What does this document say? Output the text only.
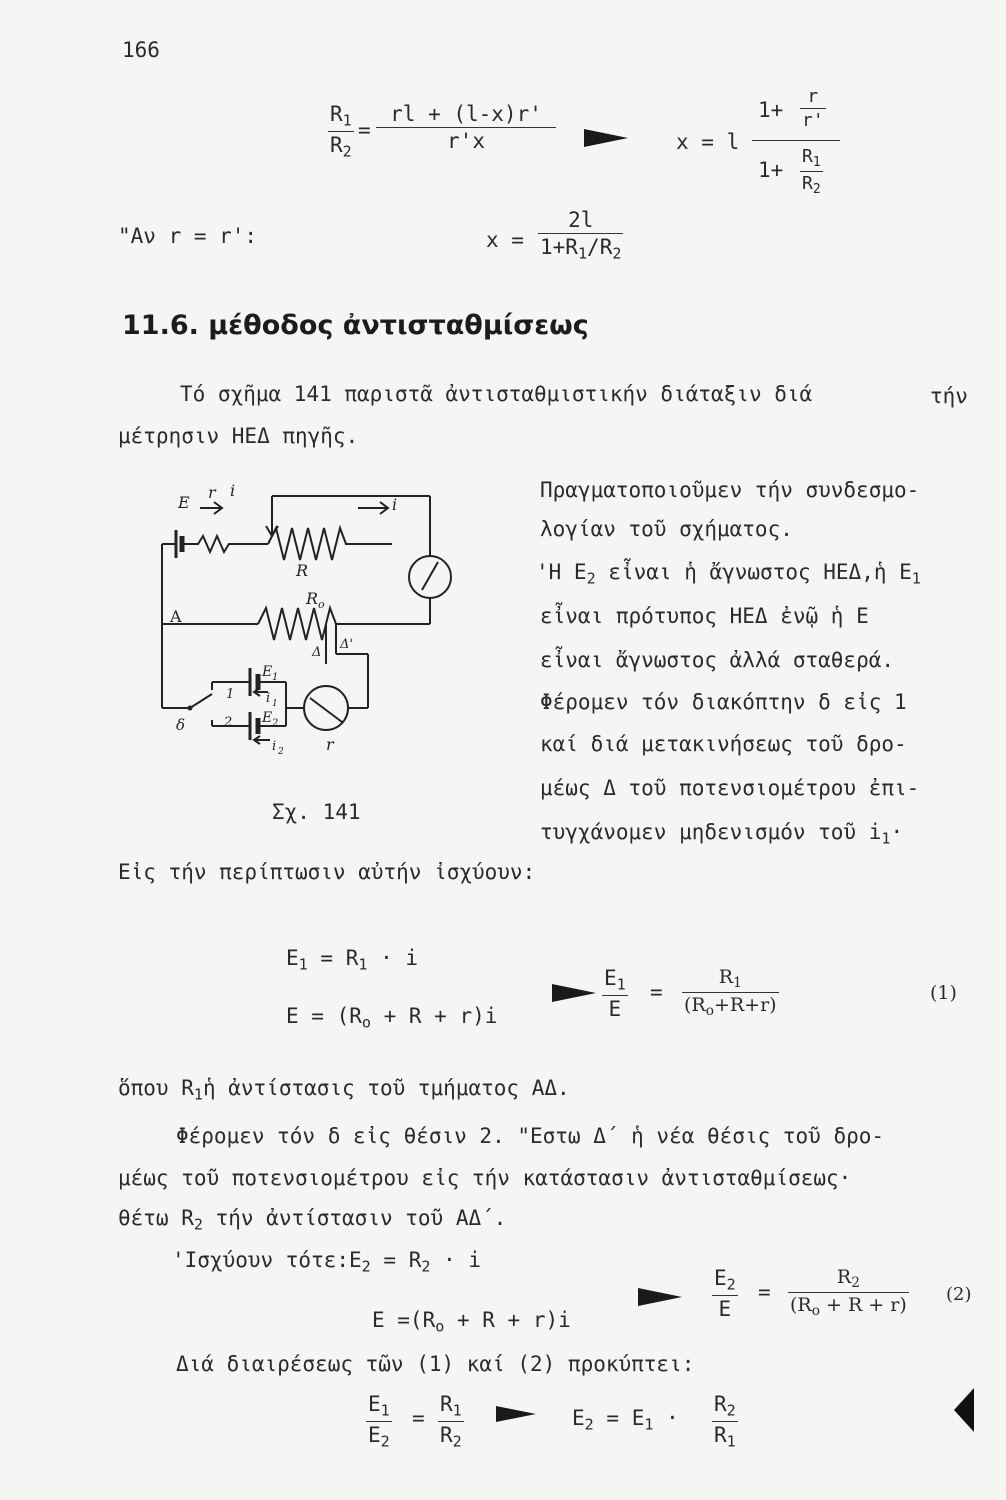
166
$R_1$
$R_2$
=
rl + (l-x)r'
r'x	x = l
1+
r
r'
1+
$R_1$
$R_2$
"Αν r = r':	x =
2l
$1+R_1/R_2$
11.6. μέθοδος ἀντισταθμίσεως
Τό σχῆμα 141 παριστᾶ ἀντισταθμιστικήν διάταξιν διά	τήν
μέτρησιν ΗΕΔ πηγῆς.
Πραγματοποιοῦμεν τήν συνδεσμο-
λογίαν τοῦ σχήματος.
'Η $E_2$ εἶναι ἡ ἄγνωστος ΗΕΔ,ἡ $E_1$
εἶναι πρότυπος ΗΕΔ ἐνῷ ἡ E
εἶναι ἄγνωστος ἀλλά σταθερά.
Φέρομεν τόν διακόπτην δ εἰς 1
καί διά μετακινήσεως τοῦ δρο-
μέως Δ τοῦ ποτενσιομέτρου ἐπι-
τυγχάνομεν μηδενισμόν τοῦ $i_1\cdot$
E
r i
i
R
R o
A
Δ
Δ'
E 1
E 2
i 1
i 2
1
2
δ
r
Σχ. 141
Εἰς τήν περίπτωσιν αὐτήν ἰσχύουν:
$E_1 = R_1 \cdot i$
$E = (R_o + R + r)i$
$E_1$
E
=
$R_1$
$(R_o+R+r)$
(1)
ὅπου $R_1ἡ$ ἀντίστασις τοῦ τμήματος ΑΔ.
Φέρομεν τόν δ εἰς θέσιν 2. "Εστω Δ΄ ἡ νέα θέσις τοῦ δρο-
μέως τοῦ ποτενσιομέτρου εἰς τήν κατάστασιν ἀντισταθμίσεως·
θέτω $R_2$ τήν ἀντίστασιν τοῦ ΑΔ΄.
'Ισχύουν $\tau ό\tau\varepsilon:E_2 = R_2 \cdot i$
$E =(R_o + R + r)i$
$E_2$
E
=
$R_2$
$(R_o + R + r)$ (2)
Διά διαιρέσεως τῶν (1) καί (2) προκύπτει:
$E_1$
$E_2$
=
$R_1$
$R_2$
$E_2 = E_1$ ·
$R_2$
$R_1$
